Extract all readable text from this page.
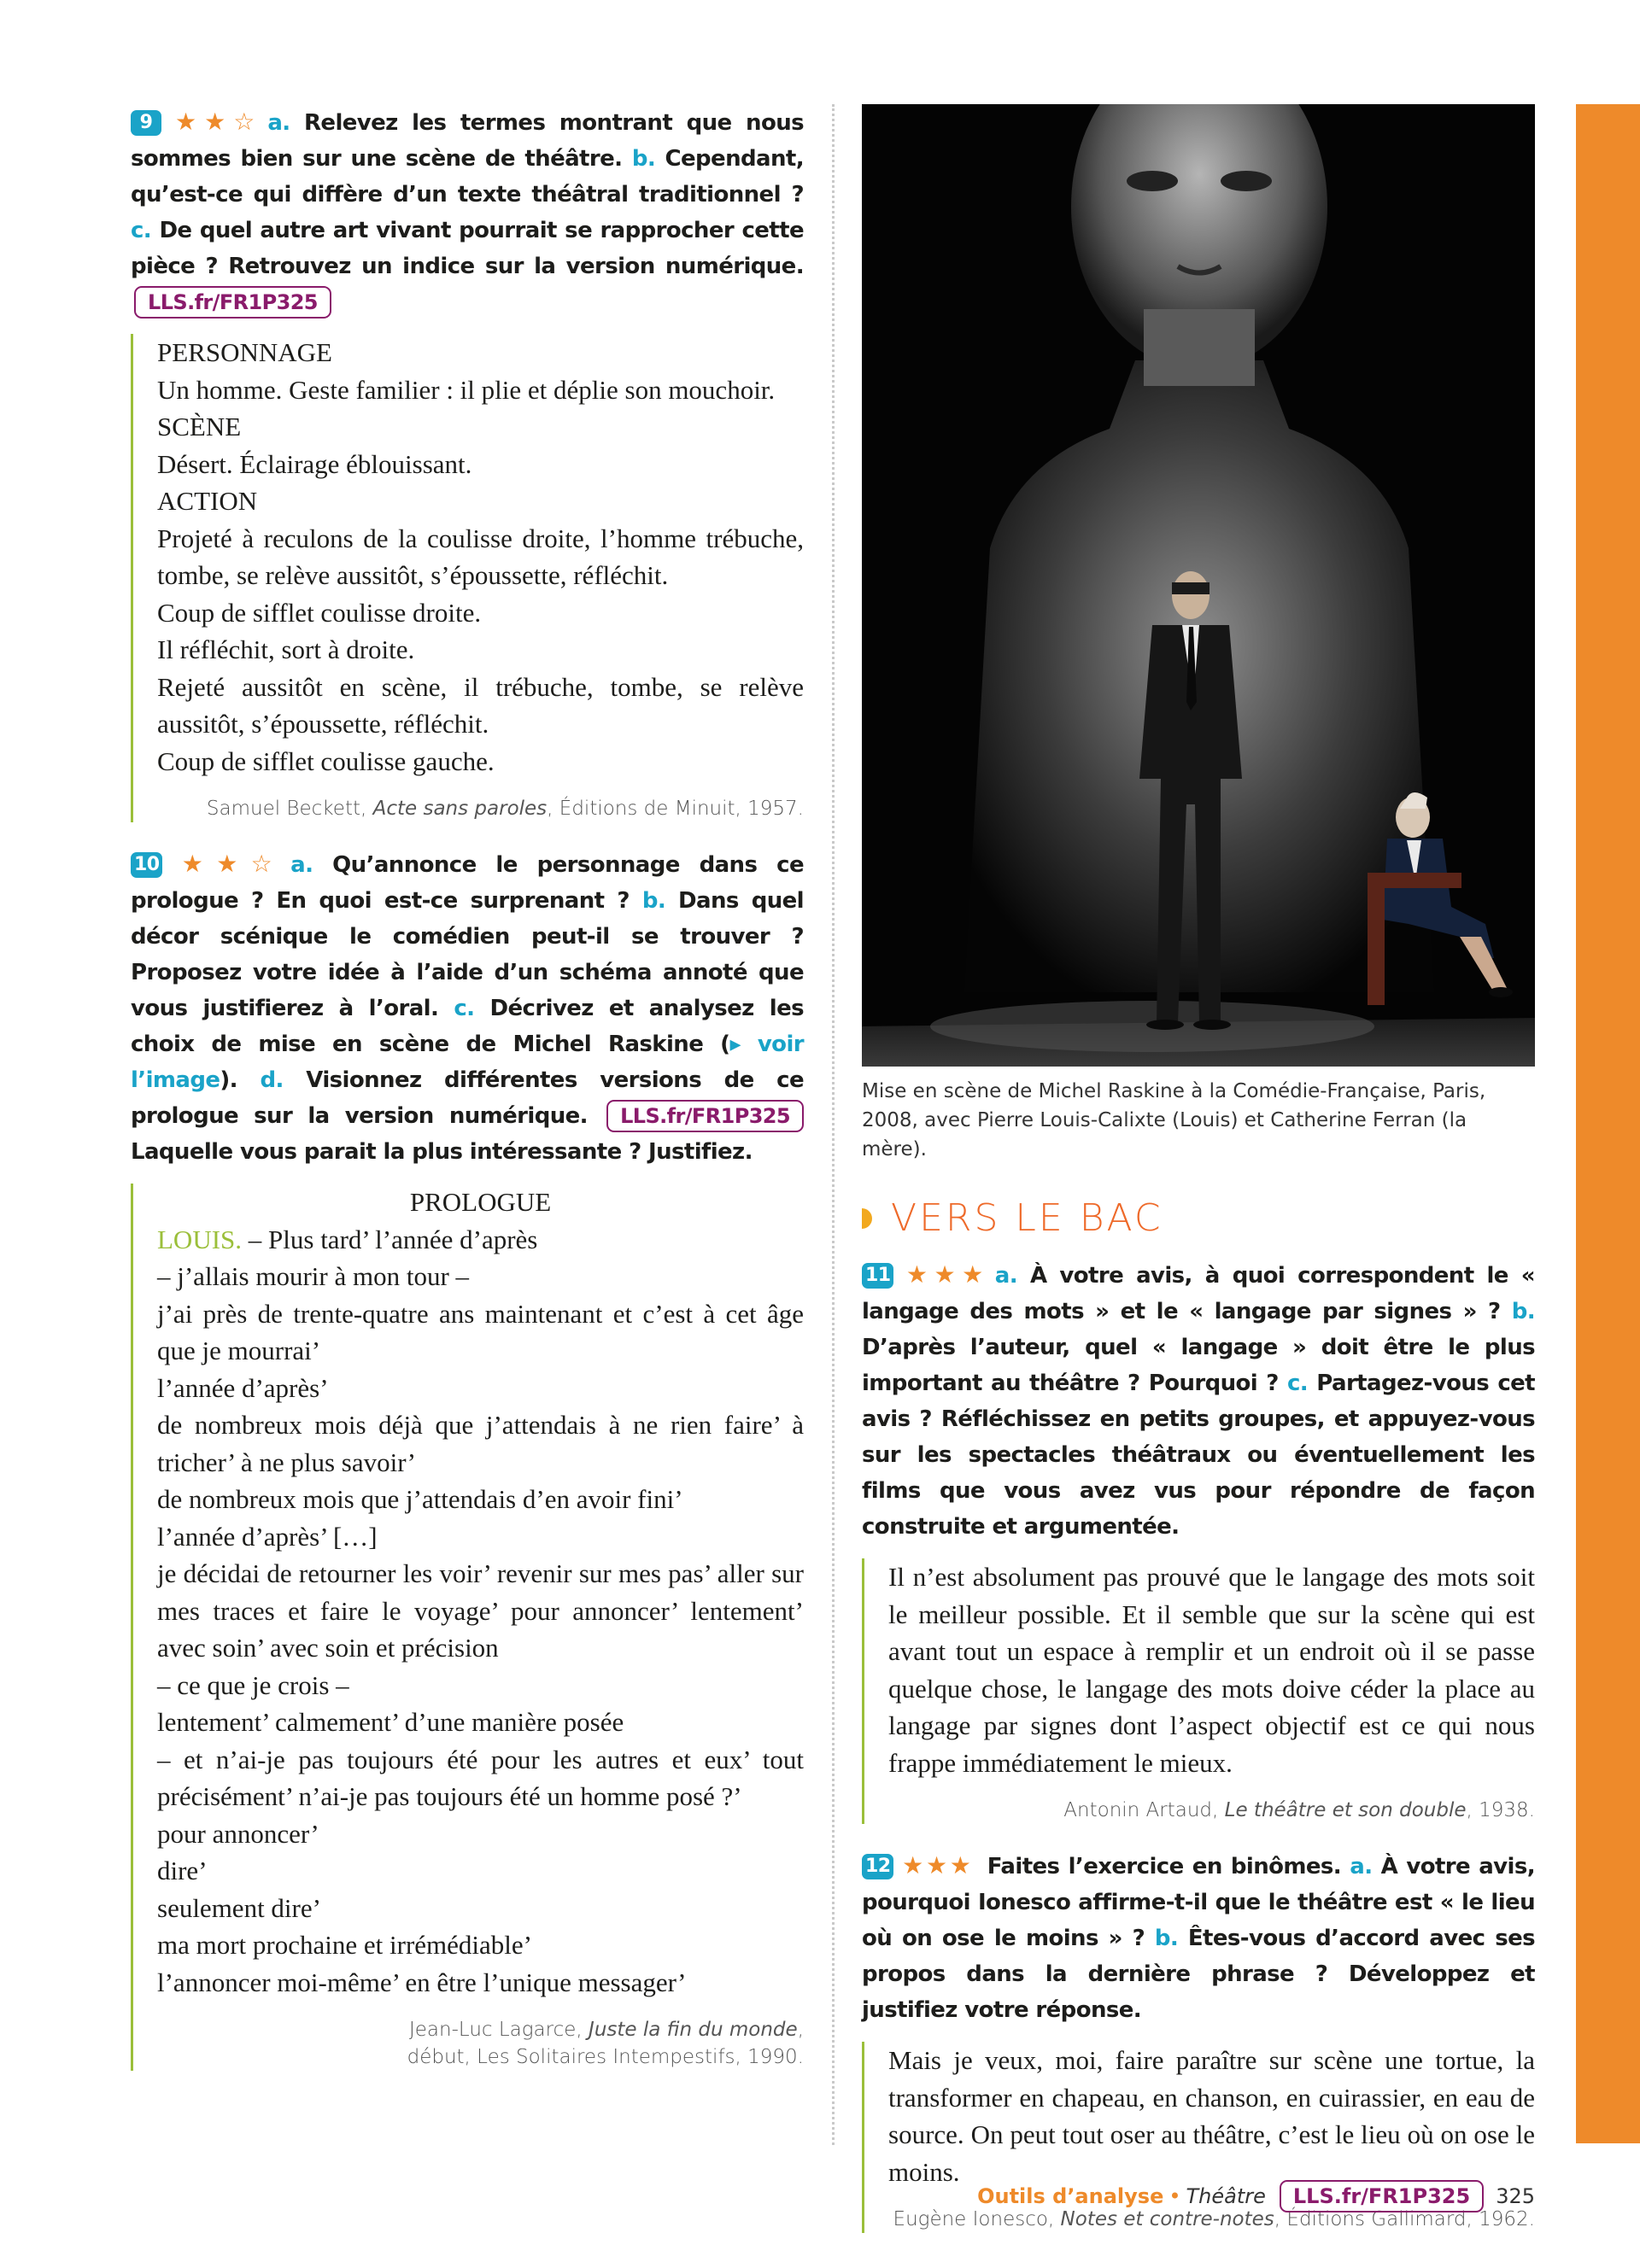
9 ★★☆ a. Relevez les termes montrant que nous sommes bien sur une scène de théâtre. b. Cependant, qu’est-ce qui diffère d’un texte théâtral traditionnel ? c. De quel autre art vivant pourrait se rapprocher cette pièce ? Retrouvez un indice sur la version numérique. LLS.fr/FR1P325

PERSONNAGE

Un homme. Geste familier : il plie et déplie son mouchoir.

SCÈNE

Désert. Éclairage éblouissant.

ACTION

Projeté à reculons de la coulisse droite, l’homme trébuche, tombe, se relève aussitôt, s’époussette, réfléchit.

Coup de sifflet coulisse droite.

Il réfléchit, sort à droite.

Rejeté aussitôt en scène, il trébuche, tombe, se relève aussitôt, s’époussette, réfléchit.

Coup de sifflet coulisse gauche.

Samuel Beckett, Acte sans paroles, Éditions de Minuit, 1957.
10 ★★☆ a. Qu’annonce le personnage dans ce prologue ? En quoi est-ce surprenant ? b. Dans quel décor scénique le comédien peut-il se trouver ? Proposez votre idée à l’aide d’un schéma annoté que vous justifierez à l’oral. c. Décrivez et analysez les choix de mise en scène de Michel Raskine (▸ voir l’image). d. Visionnez différentes versions de ce prologue sur la version numérique. LLS.fr/FR1P325 Laquelle vous parait la plus intéressante ? Justifiez.

PROLOGUE

LOUIS. – Plus tard’ l’année d’après

– j’allais mourir à mon tour –

j’ai près de trente-quatre ans maintenant et c’est à cet âge que je mourrai’

l’année d’après’

de nombreux mois déjà que j’attendais à ne rien faire’ à tricher’ à ne plus savoir’

de nombreux mois que j’attendais d’en avoir fini’

l’année d’après’ […]

je décidai de retourner les voir’ revenir sur mes pas’ aller sur mes traces et faire le voyage’ pour annoncer’ lentement’ avec soin’ avec soin et précision

– ce que je crois –

lentement’ calmement’ d’une manière posée

– et n’ai-je pas toujours été pour les autres et eux’ tout précisément’ n’ai-je pas toujours été un homme posé ?’

pour annoncer’

dire’

seulement dire’

ma mort prochaine et irrémédiable’

l’annoncer moi-même’ en être l’unique messager’

Jean-Luc Lagarce, Juste la fin du monde,
début, Les Solitaires Intempestifs, 1990.
Mise en scène de Michel Raskine à la Comédie-Française, Paris, 2008, avec Pierre Louis-Calixte (Louis) et Catherine Ferran (la mère).
VERS LE BAC
11 ★★★ a. À votre avis, à quoi correspondent le « langage des mots » et le « langage par signes » ? b. D’après l’auteur, quel « langage » doit être le plus important au théâtre ? Pourquoi ? c. Partagez-vous cet avis ? Réfléchissez en petits groupes, et appuyez-vous sur les spectacles théâtraux ou éventuellement les films que vous avez vus pour répondre de façon construite et argumentée.
Il n’est absolument pas prouvé que le langage des mots soit le meilleur possible. Et il semble que sur la scène qui est avant tout un espace à remplir et un endroit où il se passe quelque chose, le langage des mots doive céder la place au langage par signes dont l’aspect objectif est ce qui nous frappe immédiatement le mieux.
Antonin Artaud, Le théâtre et son double, 1938.
12 ★★★ Faites l’exercice en binômes. a. À votre avis, pourquoi Ionesco affirme-t-il que le théâtre est « le lieu où on ose le moins » ? b. Êtes-vous d’accord avec ses propos dans la dernière phrase ? Développez et justifiez votre réponse.
Mais je veux, moi, faire paraître sur scène une tortue, la transformer en chapeau, en chanson, en cuirassier, en eau de source. On peut tout oser au théâtre, c’est le lieu où on ose le moins.
Eugène Ionesco, Notes et contre-notes, Éditions Gallimard, 1962.
Outils d’analyse • Théâtre	LLS.fr/FR1P325	325
